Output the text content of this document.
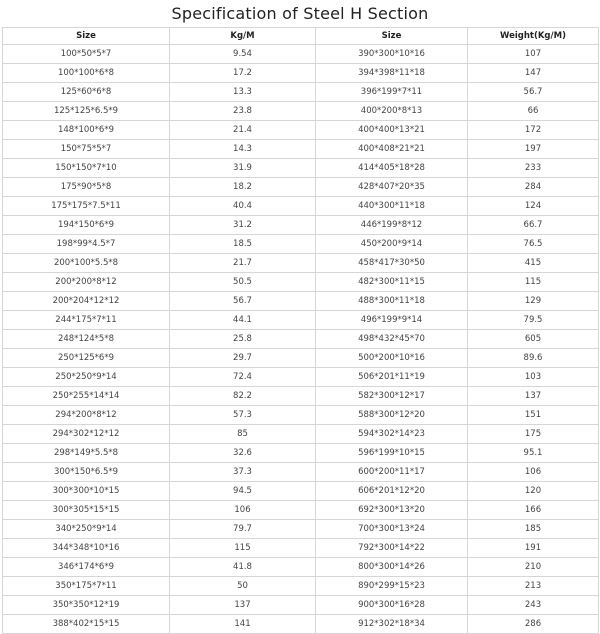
Specification of Steel H Section
Size	Kg/M	Size	Weight(Kg/M)
100*50*5*7	9.54	390*300*10*16	107
100*100*6*8	17.2	394*398*11*18	147
125*60*6*8	13.3	396*199*7*11	56.7
125*125*6.5*9	23.8	400*200*8*13	66
148*100*6*9	21.4	400*400*13*21	172
150*75*5*7	14.3	400*408*21*21	197
150*150*7*10	31.9	414*405*18*28	233
175*90*5*8	18.2	428*407*20*35	284
175*175*7.5*11	40.4	440*300*11*18	124
194*150*6*9	31.2	446*199*8*12	66.7
198*99*4.5*7	18.5	450*200*9*14	76.5
200*100*5.5*8	21.7	458*417*30*50	415
200*200*8*12	50.5	482*300*11*15	115
200*204*12*12	56.7	488*300*11*18	129
244*175*7*11	44.1	496*199*9*14	79.5
248*124*5*8	25.8	498*432*45*70	605
250*125*6*9	29.7	500*200*10*16	89.6
250*250*9*14	72.4	506*201*11*19	103
250*255*14*14	82.2	582*300*12*17	137
294*200*8*12	57.3	588*300*12*20	151
294*302*12*12	85	594*302*14*23	175
298*149*5.5*8	32.6	596*199*10*15	95.1
300*150*6.5*9	37.3	600*200*11*17	106
300*300*10*15	94.5	606*201*12*20	120
300*305*15*15	106	692*300*13*20	166
340*250*9*14	79.7	700*300*13*24	185
344*348*10*16	115	792*300*14*22	191
346*174*6*9	41.8	800*300*14*26	210
350*175*7*11	50	890*299*15*23	213
350*350*12*19	137	900*300*16*28	243
388*402*15*15	141	912*302*18*34	286
